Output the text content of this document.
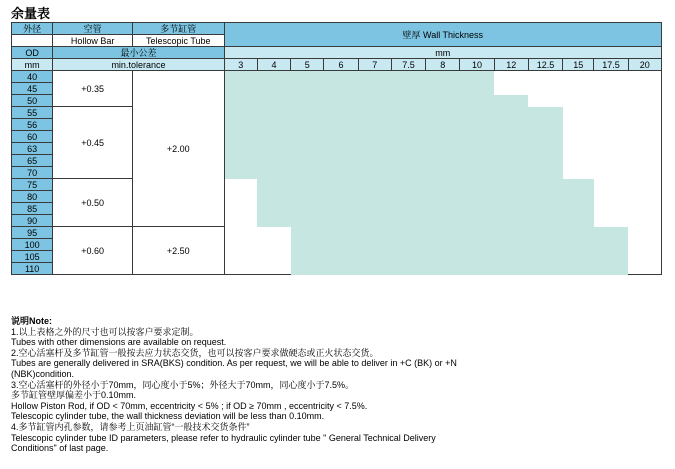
余量表
外径	空管	多节缸管	壁厚 Wall Thickness												
	Hollow Bar	Telescopic Tube													
OD	最小公差		mm												
mm	min.tolerance		3	4	5	6	7	7.5	8	10	12	12.5	15	17.5	20
40	+0.35	+2.00													
45															
50															
55	+0.45														
56															
60															
63															
65															
70															
75	+0.50														
80															
85															
90															
95	+0.60	+2.50													
100															
105															
110															
说明Note:
1.以上表格之外的尺寸也可以按客户要求定制。
Tubes with other dimensions are available on request.
2.空心活塞杆及多节缸管一般按去应力状态交货，也可以按客户要求做硬态或正火状态交货。
Tubes are generally delivered in SRA(BKS) condition. As per request, we will be able to deliver in +C (BK) or +N
(NBK)condition.
3.空心活塞杆的外径小于70mm，同心度小于5%；外径大于70mm，同心度小于7.5%。
多节缸管壁厚偏差小于0.10mm.
Hollow Piston Rod, if OD < 70mm, eccentricity < 5% ; if OD ≥ 70mm , eccentricity < 7.5%.
Telescopic cylinder tube, the wall thickness deviation will be less than 0.10mm.
4.多节缸管内孔参数，请参考上页油缸管“一般技术交货条件”
Telescopic cylinder tube ID parameters, please refer to hydraulic cylinder tube " General Technical Delivery
Conditions" of last page.
